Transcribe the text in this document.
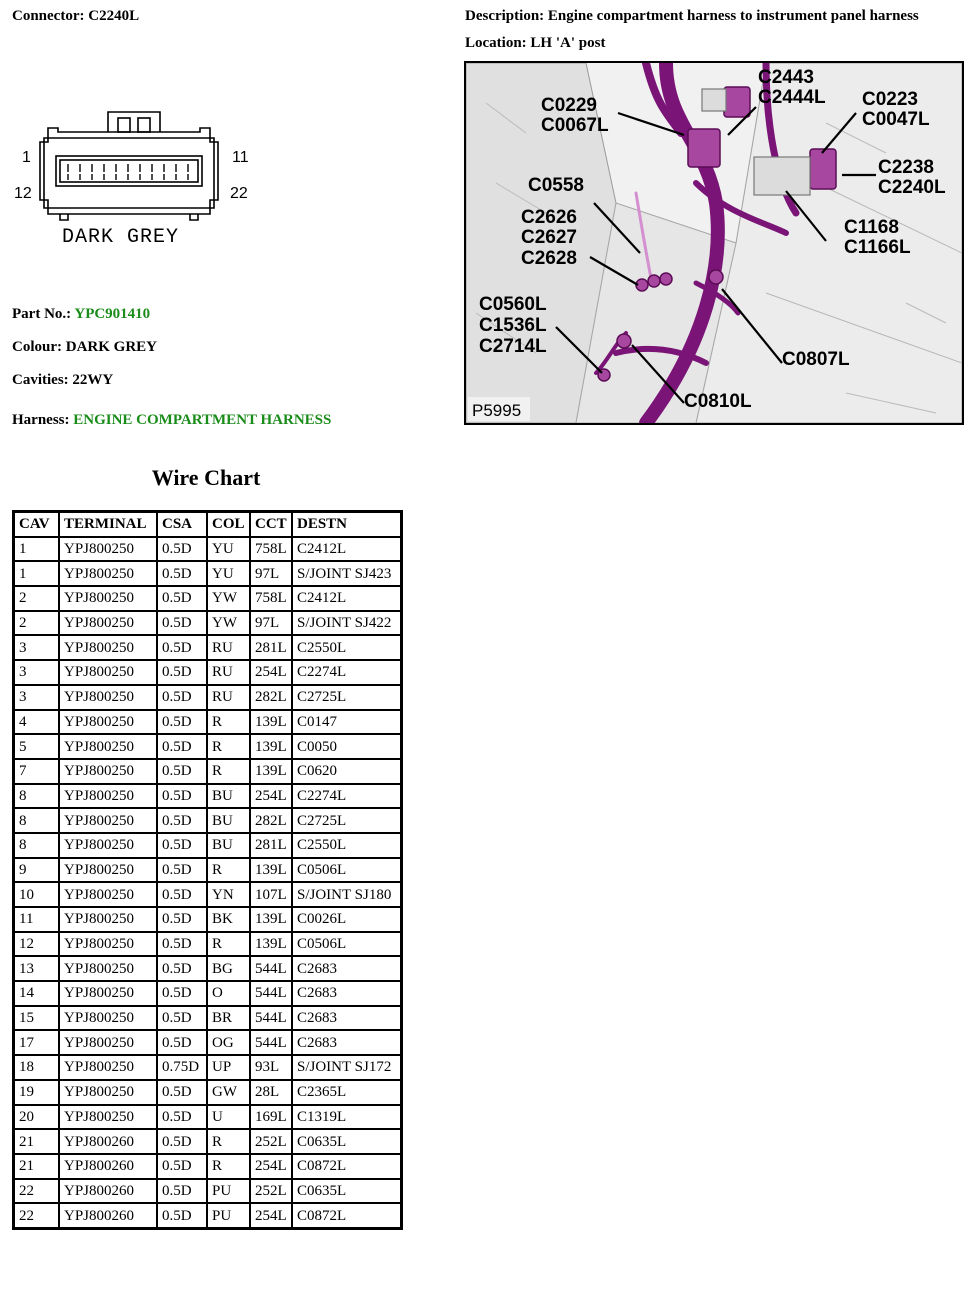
Connector: C2240L	Description: Engine compartment harness to instrument panel harness
Location: LH 'A' post
1	11
12	22
DARK GREY
Part No.: YPC901410
Colour: DARK GREY
Cavities: 22WY
Harness: ENGINE COMPARTMENT HARNESS
C0229
C0067L
C2443
C2444L C0223
C0047L
C2238
C2240L
C0558
C1168
C1166L
C2626
C2627
C2628
C0560L
C1536L
C2714L
C0807L
C0810L
P5995
Wire Chart
CAV	TERMINAL	CSA	COL	CCT	DESTN
1	YPJ800250	0.5D	YU	758L	C2412L
1	YPJ800250	0.5D	YU	97L	S/JOINT SJ423
2	YPJ800250	0.5D	YW	758L	C2412L
2	YPJ800250	0.5D	YW	97L	S/JOINT SJ422
3	YPJ800250	0.5D	RU	281L	C2550L
3	YPJ800250	0.5D	RU	254L	C2274L
3	YPJ800250	0.5D	RU	282L	C2725L
4	YPJ800250	0.5D	R	139L	C0147
5	YPJ800250	0.5D	R	139L	C0050
7	YPJ800250	0.5D	R	139L	C0620
8	YPJ800250	0.5D	BU	254L	C2274L
8	YPJ800250	0.5D	BU	282L	C2725L
8	YPJ800250	0.5D	BU	281L	C2550L
9	YPJ800250	0.5D	R	139L	C0506L
10	YPJ800250	0.5D	YN	107L	S/JOINT SJ180
11	YPJ800250	0.5D	BK	139L	C0026L
12	YPJ800250	0.5D	R	139L	C0506L
13	YPJ800250	0.5D	BG	544L	C2683
14	YPJ800250	0.5D	O	544L	C2683
15	YPJ800250	0.5D	BR	544L	C2683
17	YPJ800250	0.5D	OG	544L	C2683
18	YPJ800250	0.75D	UP	93L	S/JOINT SJ172
19	YPJ800250	0.5D	GW	28L	C2365L
20	YPJ800250	0.5D	U	169L	C1319L
21	YPJ800260	0.5D	R	252L	C0635L
21	YPJ800260	0.5D	R	254L	C0872L
22	YPJ800260	0.5D	PU	252L	C0635L
22	YPJ800260	0.5D	PU	254L	C0872L
